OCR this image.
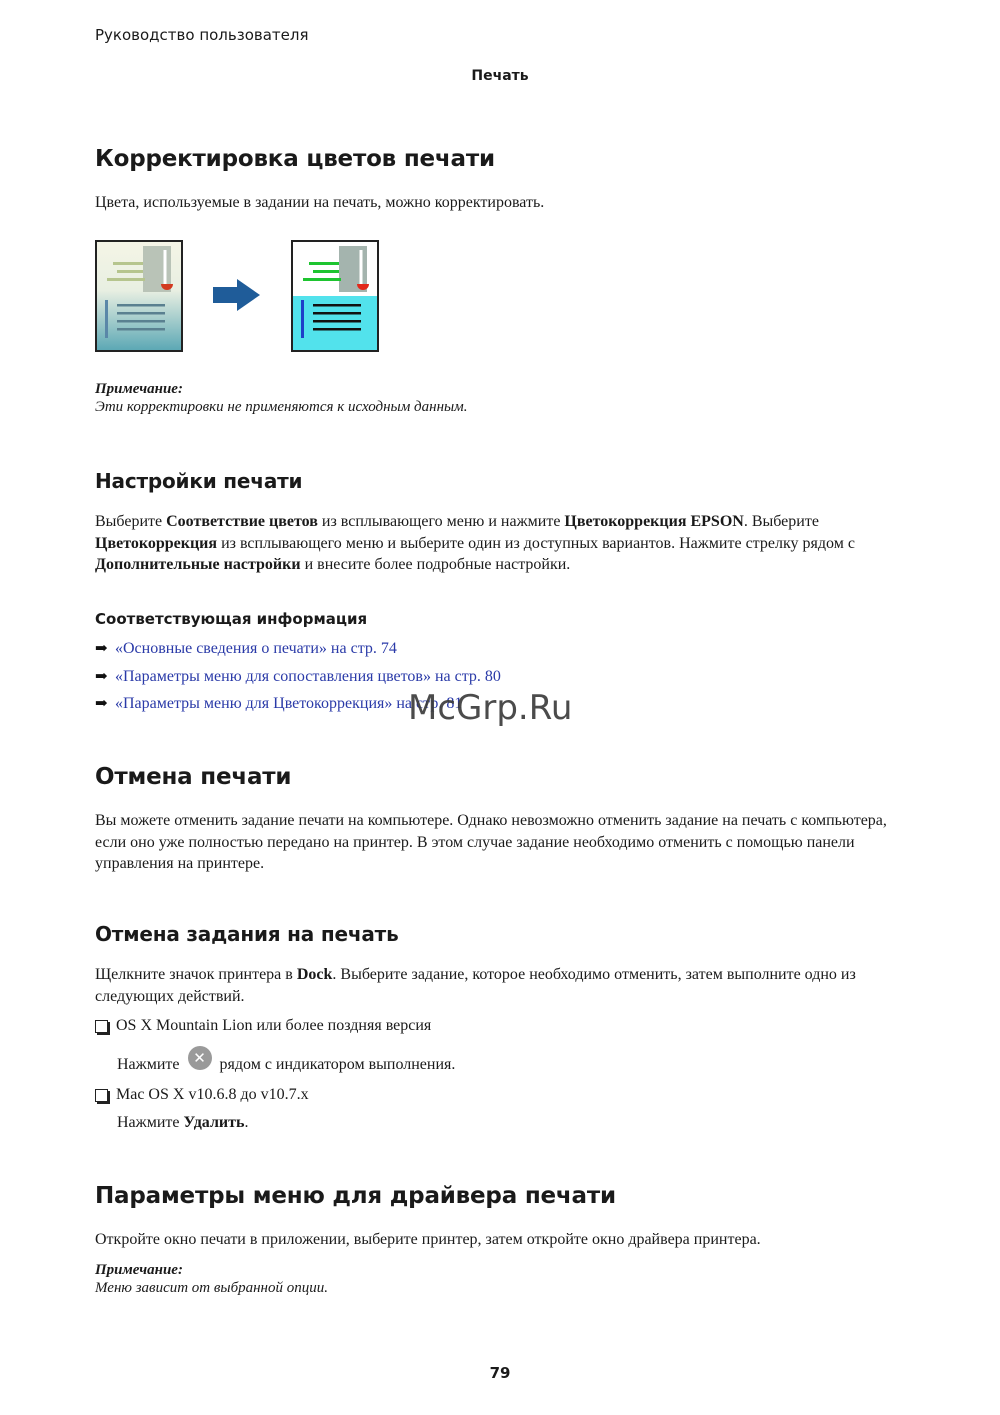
Руководство пользователя
Печать
Корректировка цветов печати

Цвета, используемые в задании на печать, можно корректировать.

Примечание:
Эти корректировки не применяются к исходным данным.
Настройки печати

Выберите Соответствие цветов из всплывающего меню и нажмите Цветокоррекция EPSON. Выберите Цветокоррекция из всплывающего меню и выберите один из доступных вариантов. Нажмите стрелку рядом с Дополнительные настройки и внесите более подробные настройки.

Соответствующая информация
➡ «Основные сведения о печати» на стр. 74
➡ «Параметры меню для сопоставления цветов» на стр. 80
➡ «Параметры меню для Цветокоррекция» на стр. 81
McGrp.Ru
Отмена печати

Вы можете отменить задание печати на компьютере. Однако невозможно отменить задание на печать с компьютера, если оно уже полностью передано на принтер. В этом случае задание необходимо отменить с помощью панели управления на принтере.

Отмена задания на печать

Щелкните значок принтера в Dock. Выберите задание, которое необходимо отменить, затем выполните одно из следующих действий.

OS X Mountain Lion или более поздняя версия
Нажмите ✕ рядом с индикатором выполнения.
Mac OS X v10.6.8 до v10.7.x
Нажмите Удалить.
Параметры меню для драйвера печати

Откройте окно печати в приложении, выберите принтер, затем откройте окно драйвера принтера.

Примечание:
Меню зависит от выбранной опции.
79
